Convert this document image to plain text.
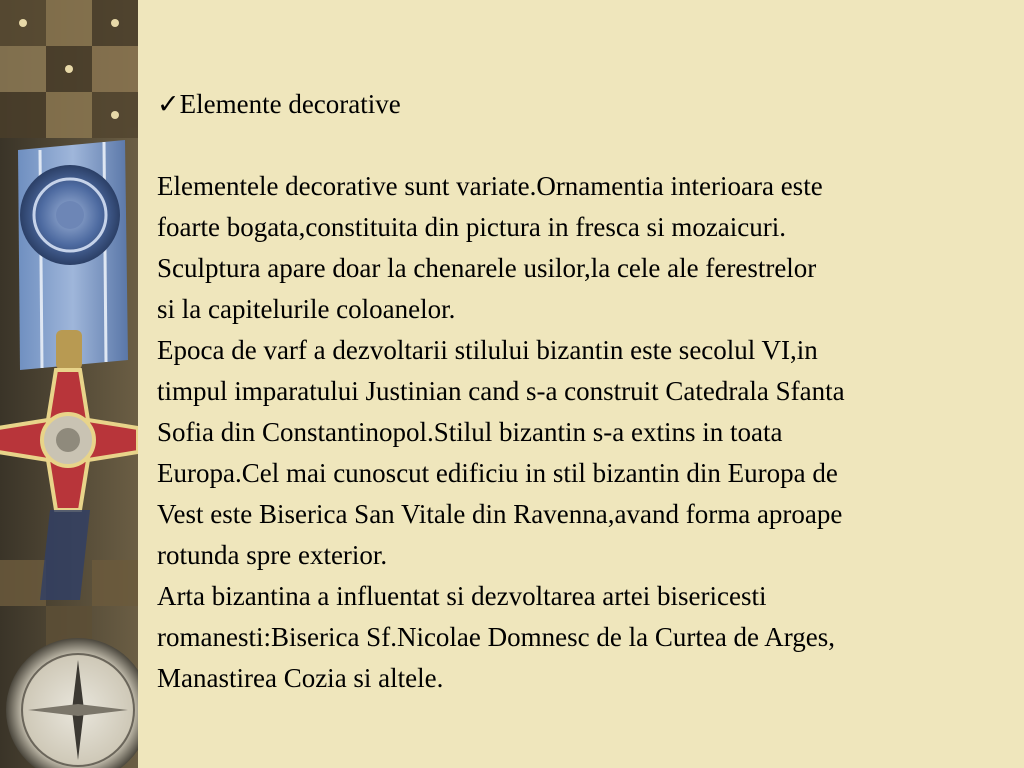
✓Elemente decorative

Elementele decorative sunt variate.Ornamentia interioara este
foarte bogata,constituita din pictura in fresca si mozaicuri.
Sculptura apare doar la chenarele usilor,la cele ale ferestrelor
si la capitelurile coloanelor.

Epoca de varf a dezvoltarii stilului bizantin este secolul VI,in
timpul imparatului Justinian cand s-a construit Catedrala Sfanta
Sofia din Constantinopol.Stilul bizantin s-a extins in toata
Europa.Cel mai cunoscut edificiu in stil bizantin din Europa de
Vest este Biserica San Vitale din Ravenna,avand forma aproape
rotunda spre exterior.

Arta bizantina a influentat si dezvoltarea artei bisericesti
romanesti:Biserica Sf.Nicolae Domnesc de la Curtea de Arges,
Manastirea Cozia si altele.
